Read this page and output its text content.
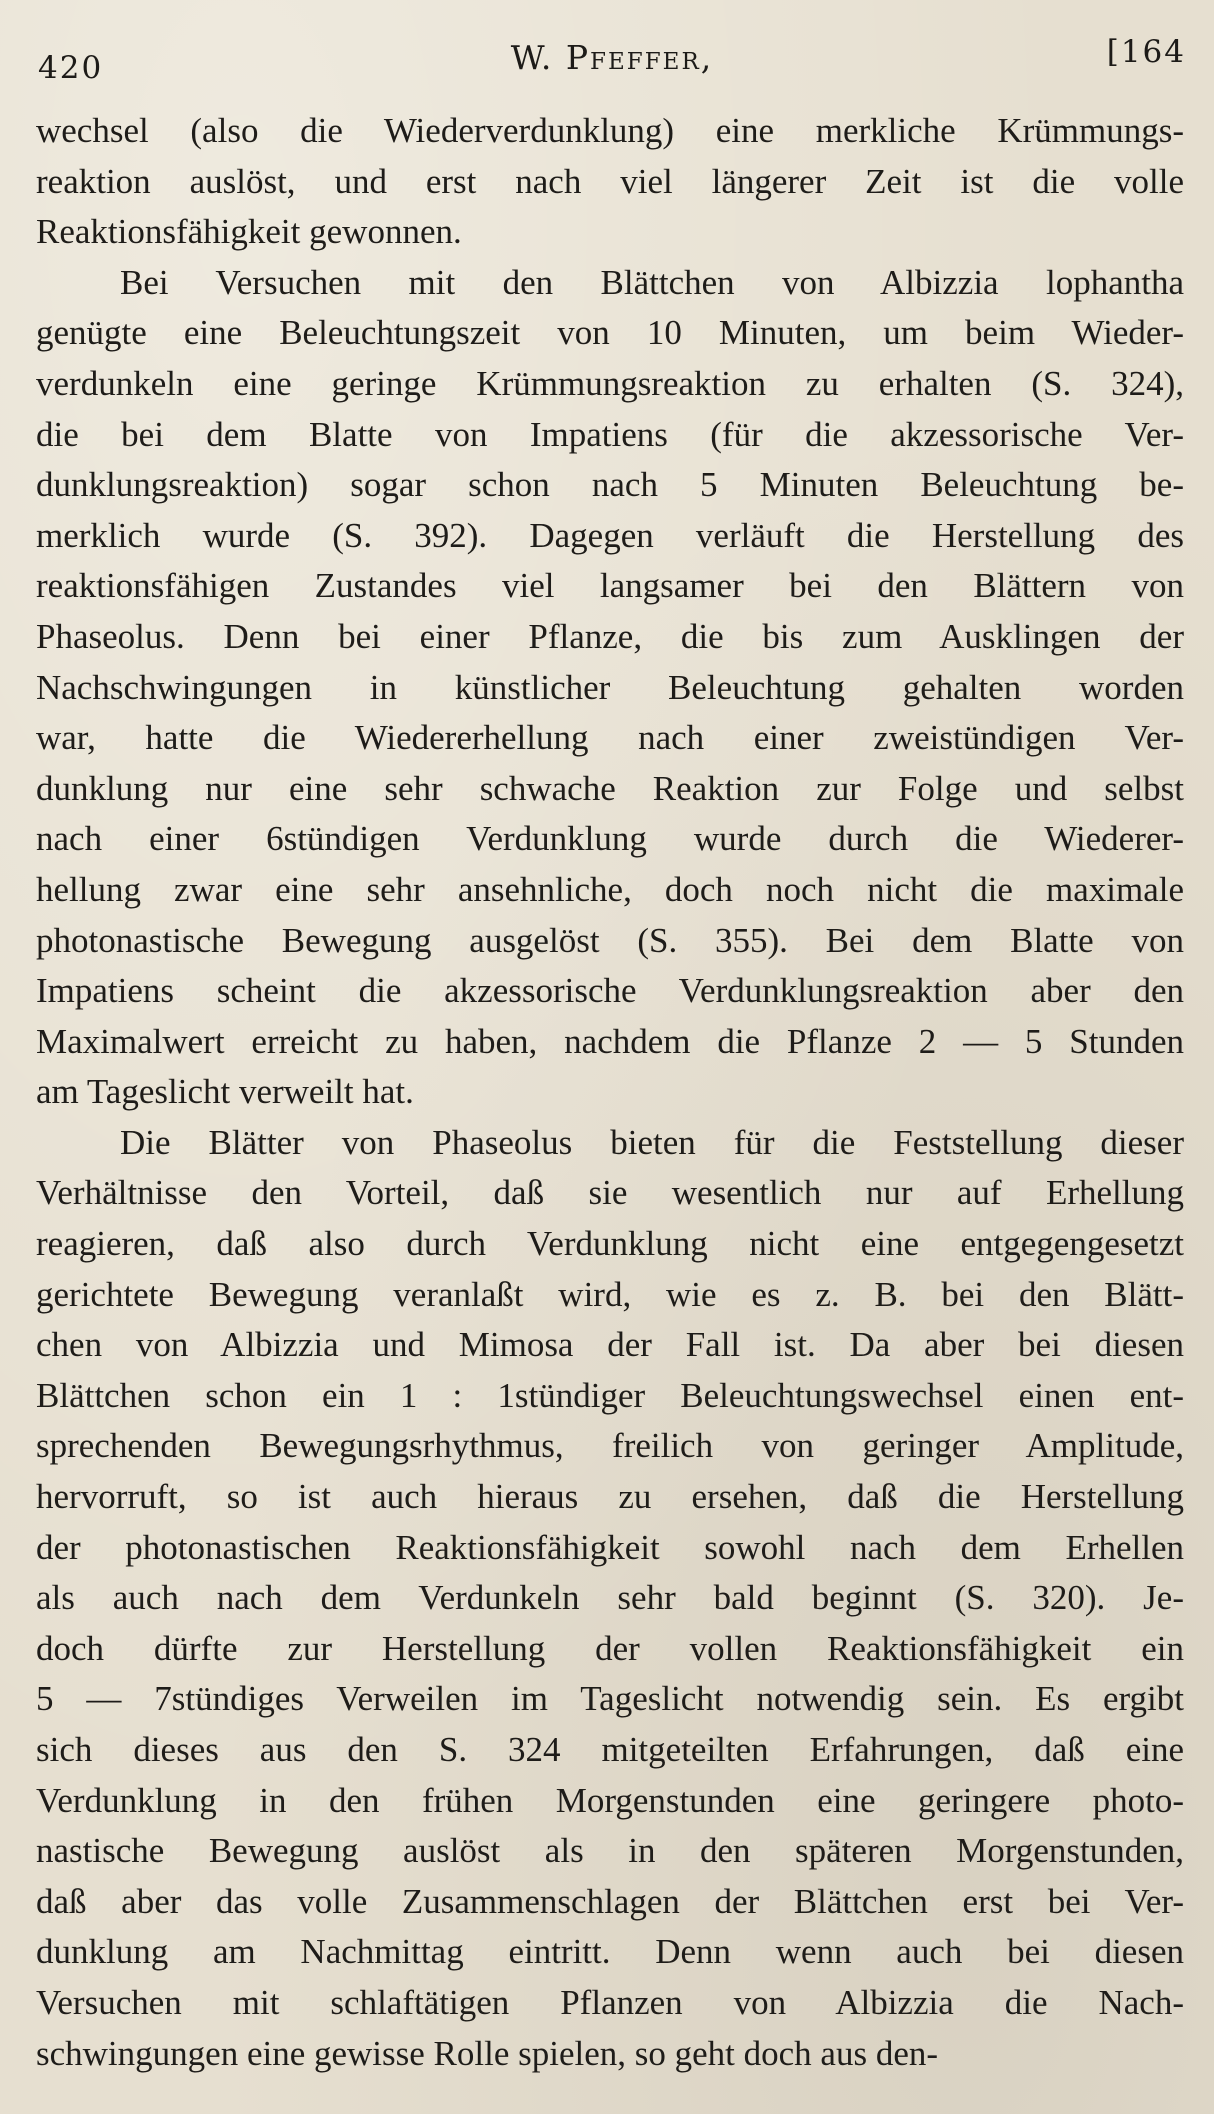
420	W. Pfeffer,	[164
wechsel (also die Wiederverdunklung) eine merkliche Krümmungs-
reaktion auslöst, und erst nach viel längerer Zeit ist die volle
Reaktionsfähigkeit gewonnen.
Bei Versuchen mit den Blättchen von Albizzia lophantha
genügte eine Beleuchtungszeit von 10 Minuten, um beim Wieder-
verdunkeln eine geringe Krümmungsreaktion zu erhalten (S. 324),
die bei dem Blatte von Impatiens (für die akzessorische Ver-
dunklungsreaktion) sogar schon nach 5 Minuten Beleuchtung be-
merklich wurde (S. 392). Dagegen verläuft die Herstellung des
reaktionsfähigen Zustandes viel langsamer bei den Blättern von
Phaseolus. Denn bei einer Pflanze, die bis zum Ausklingen der
Nachschwingungen in künstlicher Beleuchtung gehalten worden
war, hatte die Wiedererhellung nach einer zweistündigen Ver-
dunklung nur eine sehr schwache Reaktion zur Folge und selbst
nach einer 6stündigen Verdunklung wurde durch die Wiederer-
hellung zwar eine sehr ansehnliche, doch noch nicht die maximale
photonastische Bewegung ausgelöst (S. 355). Bei dem Blatte von
Impatiens scheint die akzessorische Verdunklungsreaktion aber den
Maximalwert erreicht zu haben, nachdem die Pflanze 2 — 5 Stunden
am Tageslicht verweilt hat.
Die Blätter von Phaseolus bieten für die Feststellung dieser
Verhältnisse den Vorteil, daß sie wesentlich nur auf Erhellung
reagieren, daß also durch Verdunklung nicht eine entgegengesetzt
gerichtete Bewegung veranlaßt wird, wie es z. B. bei den Blätt-
chen von Albizzia und Mimosa der Fall ist. Da aber bei diesen
Blättchen schon ein 1 : 1stündiger Beleuchtungswechsel einen ent-
sprechenden Bewegungsrhythmus, freilich von geringer Amplitude,
hervorruft, so ist auch hieraus zu ersehen, daß die Herstellung
der photonastischen Reaktionsfähigkeit sowohl nach dem Erhellen
als auch nach dem Verdunkeln sehr bald beginnt (S. 320). Je-
doch dürfte zur Herstellung der vollen Reaktionsfähigkeit ein
5 — 7stündiges Verweilen im Tageslicht notwendig sein. Es ergibt
sich dieses aus den S. 324 mitgeteilten Erfahrungen, daß eine
Verdunklung in den frühen Morgenstunden eine geringere photo-
nastische Bewegung auslöst als in den späteren Morgenstunden,
daß aber das volle Zusammenschlagen der Blättchen erst bei Ver-
dunklung am Nachmittag eintritt. Denn wenn auch bei diesen
Versuchen mit schlaftätigen Pflanzen von Albizzia die Nach-
schwingungen eine gewisse Rolle spielen, so geht doch aus den-
